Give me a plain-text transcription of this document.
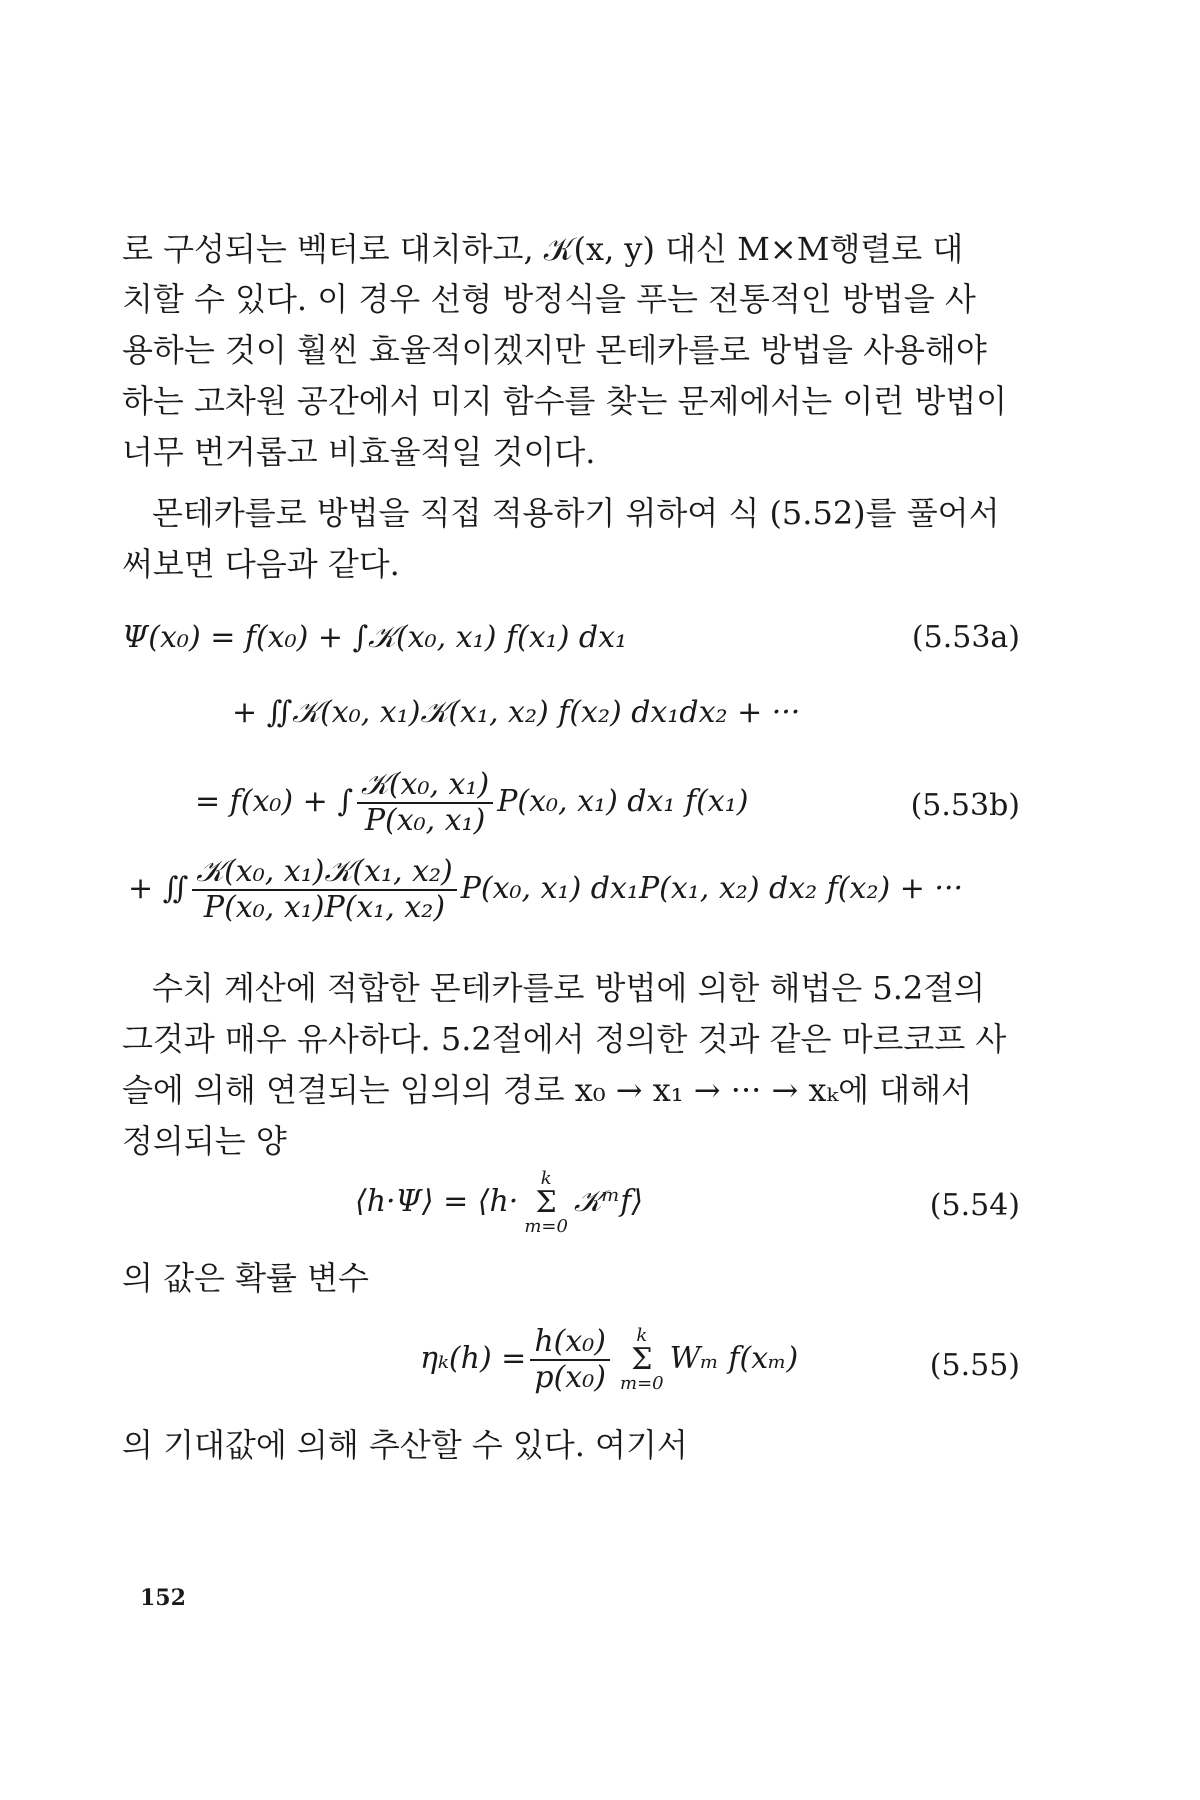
로 구성되는 벡터로 대치하고, 𝒦(x, y) 대신 M×M행렬로 대
치할 수 있다. 이 경우 선형 방정식을 푸는 전통적인 방법을 사
용하는 것이 훨씬 효율적이겠지만 몬테카를로 방법을 사용해야
하는 고차원 공간에서 미지 함수를 찾는 문제에서는 이런 방법이
너무 번거롭고 비효율적일 것이다.
몬테카를로 방법을 직접 적용하기 위하여 식 (5.52)를 풀어서
써보면 다음과 같다.
Ψ(x₀) = f(x₀) + ∫𝒦(x₀, x₁) f(x₁) dx₁	(5.53a)
+ ∬𝒦(x₀, x₁)𝒦(x₁, x₂) f(x₂) dx₁dx₂ + ···
= f(x₀) + ∫ $\frac{\text{𝒦(x₀, x₁)}}{\text{P(x₀, x₁)}} P(x_0$, x₁) dx₁ f(x₁)	(5.53b)
+ ∬ $\frac{\text{𝒦(x₀, x₁)𝒦(x₁, x₂)}}{\text{P(x₀, x₁)P(x₁, x₂)}} P(x_0$, x₁) dx₁P(x₁, x₂) dx₂ f(x₂) + ···
수치 계산에 적합한 몬테카를로 방법에 의한 해법은 5.2절의
그것과 매우 유사하다. 5.2절에서 정의한 것과 같은 마르코프 사
슬에 의해 연결되는 임의의 경로 x₀ → x₁ → ··· → xₖ에 대해서
정의되는 양
⟨h·Ψ⟩ = ⟨h·
k
Σ
m=0
𝒦ᵐf⟩	(5.54)
의 값은 확률 변수
$\eta_k(h) = \frac{\text{h(x₀)}}{\text{p(x₀)}}$ k
Σ
m=0
Wₘ f(xₘ)	(5.55)
의 기대값에 의해 추산할 수 있다. 여기서
152
